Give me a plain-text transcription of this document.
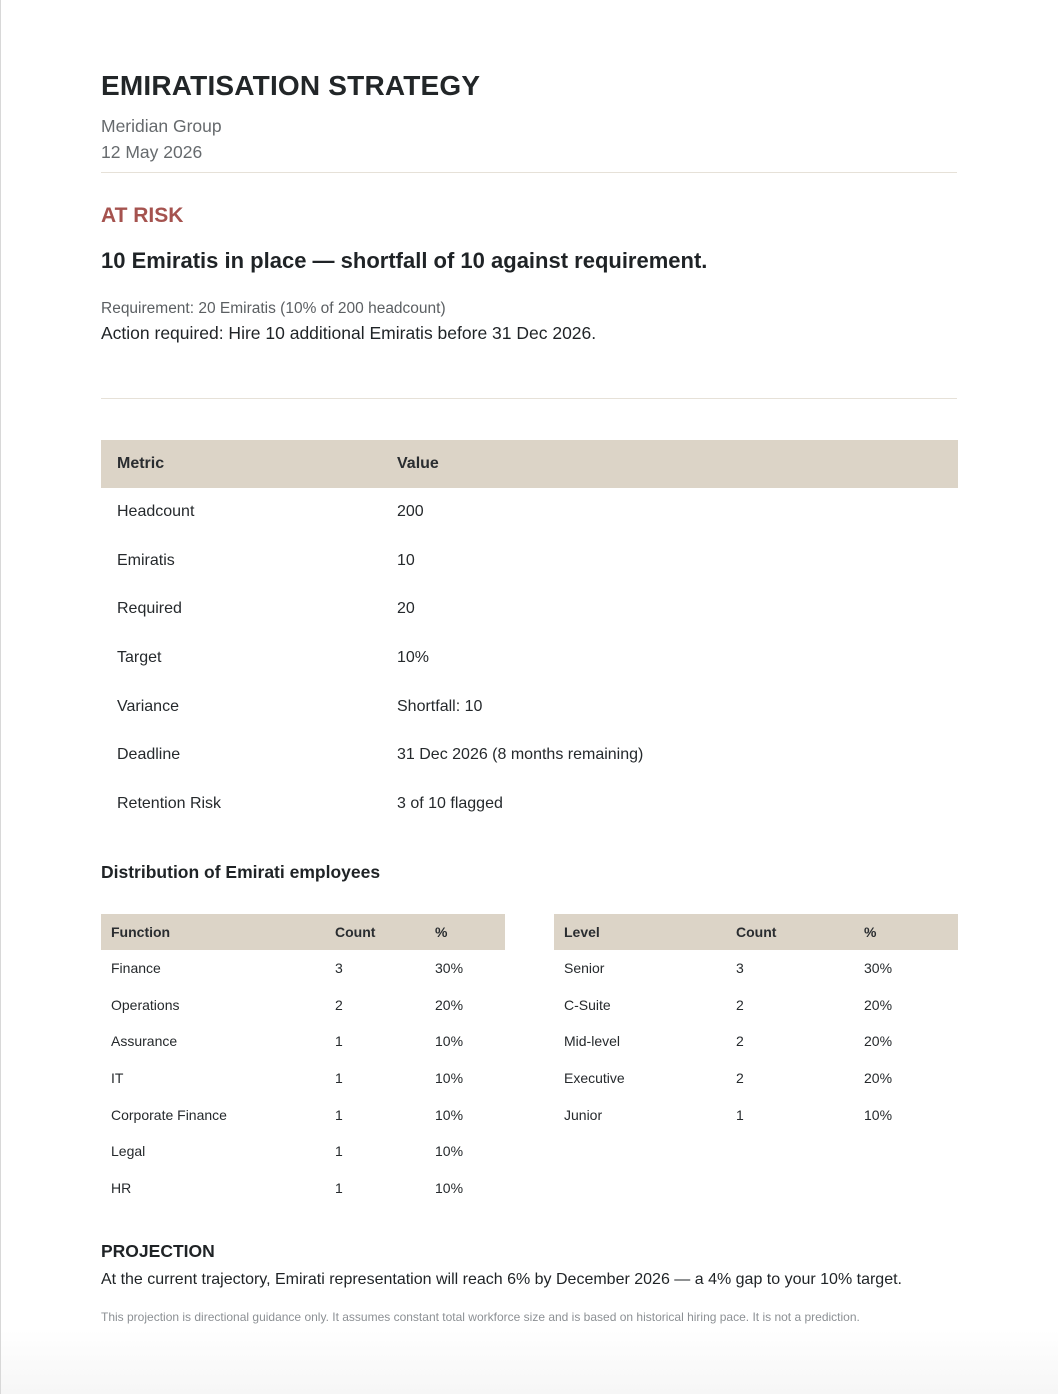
EMIRATISATION STRATEGY
Meridian Group
12 May 2026
AT RISK
10 Emiratis in place — shortfall of 10 against requirement.
Requirement: 20 Emiratis (10% of 200 headcount)
Action required: Hire 10 additional Emiratis before 31 Dec 2026.
Metric	Value
Headcount	200
Emiratis	10
Required	20
Target	10%
Variance	Shortfall: 10
Deadline	31 Dec 2026 (8 months remaining)
Retention Risk	3 of 10 flagged
Distribution of Emirati employees
Function	Count	%
Finance	3	30%
Operations	2	20%
Assurance	1	10%
IT	1	10%
Corporate Finance	1	10%
Legal	1	10%
HR	1	10%
Level	Count	%
Senior	3	30%
C-Suite	2	20%
Mid-level	2	20%
Executive	2	20%
Junior	1	10%
PROJECTION
At the current trajectory, Emirati representation will reach 6% by December 2026 — a 4% gap to your 10% target.
This projection is directional guidance only. It assumes constant total workforce size and is based on historical hiring pace. It is not a prediction.
